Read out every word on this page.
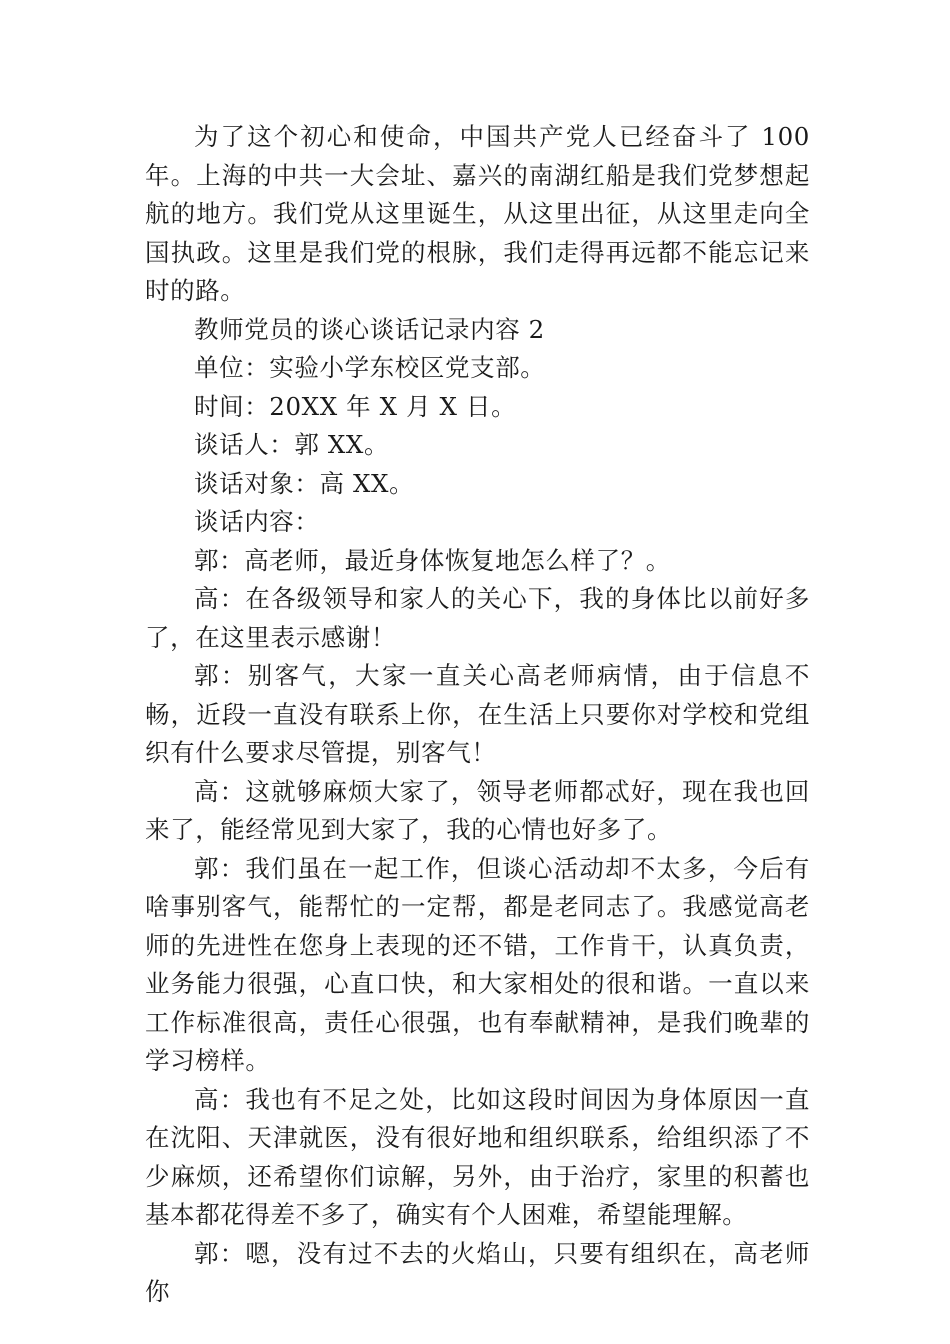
为了这个初心和使命，中国共产党人已经奋斗了 100 年。上海的中共一大会址、嘉兴的南湖红船是我们党梦想起航的地方。我们党从这里诞生，从这里出征，从这里走向全国执政。这里是我们党的根脉，我们走得再远都不能忘记来时的路。

教师党员的谈心谈话记录内容 2

单位：实验小学东校区党支部。

时间：20XX 年 X 月 X 日。

谈话人：郭 XX。

谈话对象：高 XX。

谈话内容：

郭：高老师，最近身体恢复地怎么样了？。

高：在各级领导和家人的关心下，我的身体比以前好多了，在这里表示感谢！

郭：别客气，大家一直关心高老师病情，由于信息不畅，近段一直没有联系上你，在生活上只要你对学校和党组织有什么要求尽管提，别客气！

高：这就够麻烦大家了，领导老师都忒好，现在我也回来了，能经常见到大家了，我的心情也好多了。

郭：我们虽在一起工作，但谈心活动却不太多，今后有啥事别客气，能帮忙的一定帮，都是老同志了。我感觉高老师的先进性在您身上表现的还不错，工作肯干，认真负责，业务能力很强，心直口快，和大家相处的很和谐。一直以来工作标准很高，责任心很强，也有奉献精神，是我们晚辈的学习榜样。

高：我也有不足之处，比如这段时间因为身体原因一直在沈阳、天津就医，没有很好地和组织联系，给组织添了不少麻烦，还希望你们谅解，另外，由于治疗，家里的积蓄也基本都花得差不多了，确实有个人困难，希望能理解。

郭：嗯，没有过不去的火焰山，只要有组织在，高老师你
